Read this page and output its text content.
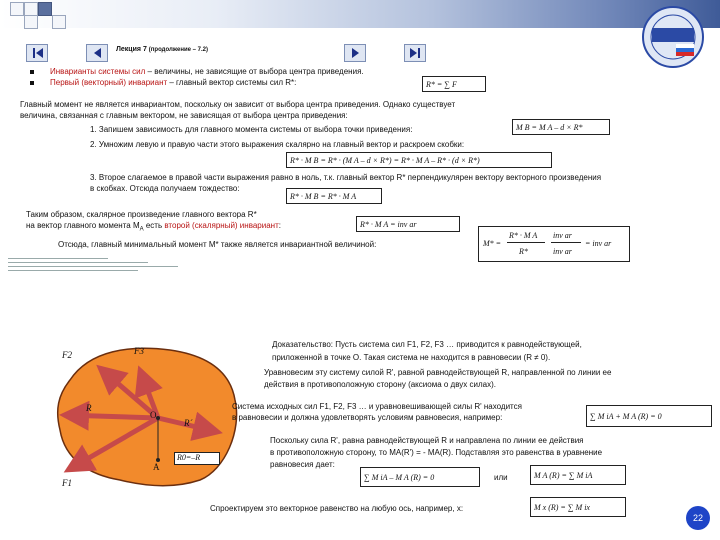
Лекция 7 (продолжение – 7.2)
Инварианты системы сил – величины, не зависящие от выбора центра приведения.
Первый (векторный) инвариант – главный вектор системы сил R*:	R* = ∑ F
Главный момент не является инвариантом, поскольку он зависит от выбора центра приведения. Однако существует
величина, связанная с главным вектором, не зависящая от выбора центра приведения:
1. Запишем зависимость для главного момента системы от выбора точки приведения:	M B = M A – d × R*
2. Умножим левую и правую части этого выражения скалярно на главный вектор и раскроем скобки:
R* · M B = R* · (M A – d × R*) = R* · M A – R* · (d × R*)
3. Второе слагаемое в правой части выражения равно в ноль, т.к. главный вектор R* перпендикулярен вектору векторного произведения
в скобках. Отсюда получаем тождество:
R* · M B = R* · M A
Таким образом, скалярное произведение главного вектора R*
на вектор главного момента $M_A$ есть второй (скалярный) инвариант:	R* · M A = inv ar
Отсюда, главный минимальный момент M* также является инвариантной величиной:	M* =
R* · M A
R*
inv ar
inv ar
= inv ar
F2	F3
R
O
R´
R0=–R
A
F1
Доказательство: Пусть система сил F1, F2, F3 … приводится к равнодействующей,
приложенной в точке O. Такая система не находится в равновесии (R ≠ 0).
Уравновесим эту систему силой R', равной равнодействующей R, направленной по линии ее
действия в противоположную сторону (аксиома о двух силах).
Система исходных сил F1, F2, F3 … и уравновешивающей силы R' находится
в равновесии и должна удовлетворять условиям равновесия, например:	∑ M iA + M A (R) = 0
Поскольку сила R', равна равнодействующей R и направлена по линии ее действия
в противоположную сторону, то MA(R') = - MA(R). Подставляя это равенства в уравнение
равновесия дает:
∑ M iA – M A (R) = 0	или	M A (R) = ∑ M iA
Спроектируем это векторное равенство на любую ось, например, x:	M x (R) = ∑ M ix
22
